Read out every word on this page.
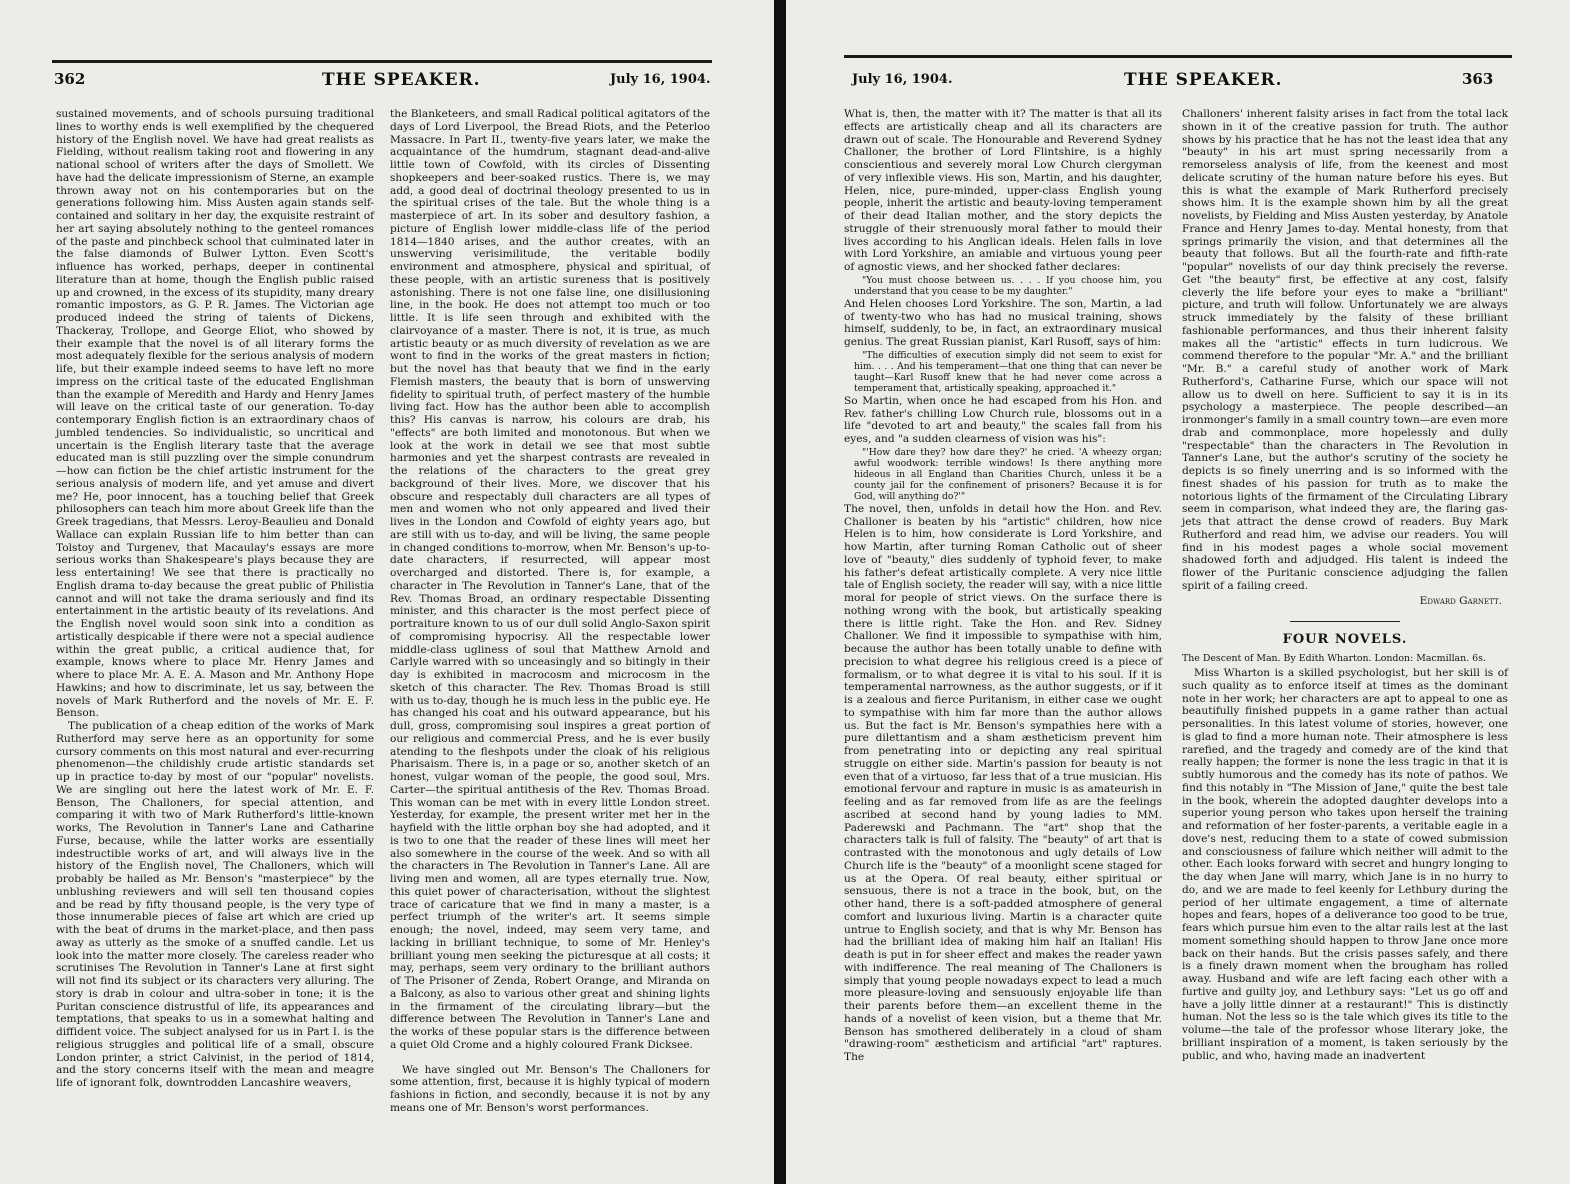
362	THE SPEAKER.	July 16, 1904.

sustained movements, and of schools pursuing traditional lines to worthy ends is well exemplified by the chequered history of the English novel. We have had great realists as Fielding, without realism taking root and flowering in any national school of writers after the days of Smollett. We have had the delicate impressionism of Sterne, an example thrown away not on his contemporaries but on the generations following him. Miss Austen again stands self-contained and solitary in her day, the exquisite restraint of her art saying absolutely nothing to the genteel romances of the paste and pinchbeck school that culminated later in the false diamonds of Bulwer Lytton. Even Scott's influence has worked, perhaps, deeper in continental literature than at home, though the English public raised up and crowned, in the excess of its stupidity, many dreary romantic impostors, as G. P. R. James. The Victorian age produced indeed the string of talents of Dickens, Thackeray, Trollope, and George Eliot, who showed by their example that the novel is of all literary forms the most adequately flexible for the serious analysis of modern life, but their example indeed seems to have left no more impress on the critical taste of the educated Englishman than the example of Meredith and Hardy and Henry James will leave on the critical taste of our generation. To-day contemporary English fiction is an extraordinary chaos of jumbled tendencies. So individualistic, so uncritical and uncertain is the English literary taste that the average educated man is still puzzling over the simple conundrum—how can fiction be the chief artistic instrument for the serious analysis of modern life, and yet amuse and divert me? He, poor innocent, has a touching belief that Greek philosophers can teach him more about Greek life than the Greek tragedians, that Messrs. Leroy-Beaulieu and Donald Wallace can explain Russian life to him better than can Tolstoy and Turgenev, that Macaulay's essays are more serious works than Shakespeare's plays because they are less entertaining! We see that there is practically no English drama to-day because the great public of Philistia cannot and will not take the drama seriously and find its entertainment in the artistic beauty of its revelations. And the English novel would soon sink into a condition as artistically despicable if there were not a special audience within the great public, a critical audience that, for example, knows where to place Mr. Henry James and where to place Mr. A. E. A. Mason and Mr. Anthony Hope Hawkins; and how to discriminate, let us say, between the novels of Mark Rutherford and the novels of Mr. E. F. Benson.

The publication of a cheap edition of the works of Mark Rutherford may serve here as an opportunity for some cursory comments on this most natural and ever-recurring phenomenon—the childishly crude artistic standards set up in practice to-day by most of our "popular" novelists. We are singling out here the latest work of Mr. E. F. Benson, The Challoners, for special attention, and comparing it with two of Mark Rutherford's little-known works, The Revolution in Tanner's Lane and Catharine Furse, because, while the latter works are essentially indestructible works of art, and will always live in the history of the English novel, The Challoners, which will probably be hailed as Mr. Benson's "masterpiece" by the unblushing reviewers and will sell ten thousand copies and be read by fifty thousand people, is the very type of those innumerable pieces of false art which are cried up with the beat of drums in the market-place, and then pass away as utterly as the smoke of a snuffed candle. Let us look into the matter more closely. The careless reader who scrutinises The Revolution in Tanner's Lane at first sight will not find its subject or its characters very alluring. The story is drab in colour and ultra-sober in tone; it is the Puritan conscience distrustful of life, its appearances and temptations, that speaks to us in a somewhat halting and diffident voice. The subject analysed for us in Part I. is the religious struggles and political life of a small, obscure London printer, a strict Calvinist, in the period of 1814, and the story concerns itself with the mean and meagre life of ignorant folk, downtrodden Lancashire weavers,

the Blanketeers, and small Radical political agitators of the days of Lord Liverpool, the Bread Riots, and the Peterloo Massacre. In Part II., twenty-five years later, we make the acquaintance of the humdrum, stagnant dead-and-alive little town of Cowfold, with its circles of Dissenting shopkeepers and beer-soaked rustics. There is, we may add, a good deal of doctrinal theology presented to us in the spiritual crises of the tale. But the whole thing is a masterpiece of art. In its sober and desultory fashion, a picture of English lower middle-class life of the period 1814—1840 arises, and the author creates, with an unswerving verisimilitude, the veritable bodily environment and atmosphere, physical and spiritual, of these people, with an artistic sureness that is positively astonishing. There is not one false line, one disillusioning line, in the book. He does not attempt too much or too little. It is life seen through and exhibited with the clairvoyance of a master. There is not, it is true, as much artistic beauty or as much diversity of revelation as we are wont to find in the works of the great masters in fiction; but the novel has that beauty that we find in the early Flemish masters, the beauty that is born of unswerving fidelity to spiritual truth, of perfect mastery of the humble living fact. How has the author been able to accomplish this? His canvas is narrow, his colours are drab, his "effects" are both limited and monotonous. But when we look at the work in detail we see that most subtle harmonies and yet the sharpest contrasts are revealed in the relations of the characters to the great grey background of their lives. More, we discover that his obscure and respectably dull characters are all types of men and women who not only appeared and lived their lives in the London and Cowfold of eighty years ago, but are still with us to-day, and will be living, the same people in changed conditions to-morrow, when Mr. Benson's up-to-date characters, if resurrected, will appear most overcharged and distorted. There is, for example, a character in The Revolution in Tanner's Lane, that of the Rev. Thomas Broad, an ordinary respectable Dissenting minister, and this character is the most perfect piece of portraiture known to us of our dull solid Anglo-Saxon spirit of compromising hypocrisy. All the respectable lower middle-class ugliness of soul that Matthew Arnold and Carlyle warred with so unceasingly and so bitingly in their day is exhibited in macrocosm and microcosm in the sketch of this character. The Rev. Thomas Broad is still with us to-day, though he is much less in the public eye. He has changed his coat and his outward appearance, but his dull, gross, compromising soul inspires a great portion of our religious and commercial Press, and he is ever busily atending to the fleshpots under the cloak of his religious Pharisaism. There is, in a page or so, another sketch of an honest, vulgar woman of the people, the good soul, Mrs. Carter—the spiritual antithesis of the Rev. Thomas Broad. This woman can be met with in every little London street. Yesterday, for example, the present writer met her in the hayfield with the little orphan boy she had adopted, and it is two to one that the reader of these lines will meet her also somewhere in the course of the week. And so with all the characters in The Revolution in Tanner's Lane. All are living men and women, all are types eternally true. Now, this quiet power of characterisation, without the slightest trace of caricature that we find in many a master, is a perfect triumph of the writer's art. It seems simple enough; the novel, indeed, may seem very tame, and lacking in brilliant technique, to some of Mr. Henley's brilliant young men seeking the picturesque at all costs; it may, perhaps, seem very ordinary to the brilliant authors of The Prisoner of Zenda, Robert Orange, and Miranda on a Balcony, as also to various other great and shining lights in the firmament of the circulating library—but the difference between The Revolution in Tanner's Lane and the works of these popular stars is the difference between a quiet Old Crome and a highly coloured Frank Dicksee.

We have singled out Mr. Benson's The Challoners for some attention, first, because it is highly typical of modern fashions in fiction, and secondly, because it is not by any means one of Mr. Benson's worst performances.

July 16, 1904.	THE SPEAKER.	363

What is, then, the matter with it? The matter is that all its effects are artistically cheap and all its characters are drawn out of scale. The Honourable and Reverend Sydney Challoner, the brother of Lord Flintshire, is a highly conscientious and severely moral Low Church clergyman of very inflexible views. His son, Martin, and his daughter, Helen, nice, pure-minded, upper-class English young people, inherit the artistic and beauty-loving temperament of their dead Italian mother, and the story depicts the struggle of their strenuously moral father to mould their lives according to his Anglican ideals. Helen falls in love with Lord Yorkshire, an amiable and virtuous young peer of agnostic views, and her shocked father declares:

"You must choose between us. . . . If you choose him, you understand that you cease to be my daughter."

And Helen chooses Lord Yorkshire. The son, Martin, a lad of twenty-two who has had no musical training, shows himself, suddenly, to be, in fact, an extraordinary musical genius. The great Russian pianist, Karl Rusoff, says of him:

"The difficulties of execution simply did not seem to exist for him. . . . And his temperament—that one thing that can never be taught—Karl Rusoff knew that he had never come across a temperament that, artistically speaking, approached it."

So Martin, when once he had escaped from his Hon. and Rev. father's chilling Low Church rule, blossoms out in a life "devoted to art and beauty," the scales fall from his eyes, and "a sudden clearness of vision was his":

"'How dare they? how dare they?' he cried. 'A wheezy organ; awful woodwork: terrible windows! Is there anything more hideous in all England than Charities Church, unless it be a county jail for the confinement of prisoners? Because it is for God, will anything do?'"

The novel, then, unfolds in detail how the Hon. and Rev. Challoner is beaten by his "artistic" children, how nice Helen is to him, how considerate is Lord Yorkshire, and how Martin, after turning Roman Catholic out of sheer love of "beauty," dies suddenly of typhoid fever, to make his father's defeat artistically complete. A very nice little tale of English society, the reader will say, with a nice little moral for people of strict views. On the surface there is nothing wrong with the book, but artistically speaking there is little right. Take the Hon. and Rev. Sidney Challoner. We find it impossible to sympathise with him, because the author has been totally unable to define with precision to what degree his religious creed is a piece of formalism, or to what degree it is vital to his soul. If it is temperamental narrowness, as the author suggests, or if it is a zealous and fierce Puritanism, in either case we ought to sympathise with him far more than the author allows us. But the fact is Mr. Benson's sympathies here with a pure dilettantism and a sham æstheticism prevent him from penetrating into or depicting any real spiritual struggle on either side. Martin's passion for beauty is not even that of a virtuoso, far less that of a true musician. His emotional fervour and rapture in music is as amateurish in feeling and as far removed from life as are the feelings ascribed at second hand by young ladies to MM. Paderewski and Pachmann. The "art" shop that the characters talk is full of falsity. The "beauty" of art that is contrasted with the monotonous and ugly details of Low Church life is the "beauty" of a moonlight scene staged for us at the Opera. Of real beauty, either spiritual or sensuous, there is not a trace in the book, but, on the other hand, there is a soft-padded atmosphere of general comfort and luxurious living. Martin is a character quite untrue to English society, and that is why Mr. Benson has had the brilliant idea of making him half an Italian! His death is put in for sheer effect and makes the reader yawn with indifference. The real meaning of The Challoners is simply that young people nowadays expect to lead a much more pleasure-loving and sensuously enjoyable life than their parents before them—an excellent theme in the hands of a novelist of keen vision, but a theme that Mr. Benson has smothered deliberately in a cloud of sham "drawing-room" æstheticism and artificial "art" raptures. The

Challoners' inherent falsity arises in fact from the total lack shown in it of the creative passion for truth. The author shows by his practice that he has not the least idea that any "beauty" in his art must spring necessarily from a remorseless analysis of life, from the keenest and most delicate scrutiny of the human nature before his eyes. But this is what the example of Mark Rutherford precisely shows him. It is the example shown him by all the great novelists, by Fielding and Miss Austen yesterday, by Anatole France and Henry James to-day. Mental honesty, from that springs primarily the vision, and that determines all the beauty that follows. But all the fourth-rate and fifth-rate "popular" novelists of our day think precisely the reverse. Get "the beauty" first, be effective at any cost, falsify cleverly the life before your eyes to make a "brilliant" picture, and truth will follow. Unfortunately we are always struck immediately by the falsity of these brilliant fashionable performances, and thus their inherent falsity makes all the "artistic" effects in turn ludicrous. We commend therefore to the popular "Mr. A." and the brilliant "Mr. B." a careful study of another work of Mark Rutherford's, Catharine Furse, which our space will not allow us to dwell on here. Sufficient to say it is in its psychology a masterpiece. The people described—an ironmonger's family in a small country town—are even more drab and commonplace, more hopelessly and dully "respectable" than the characters in The Revolution in Tanner's Lane, but the author's scrutiny of the society he depicts is so finely unerring and is so informed with the finest shades of his passion for truth as to make the notorious lights of the firmament of the Circulating Library seem in comparison, what indeed they are, the flaring gas-jets that attract the dense crowd of readers. Buy Mark Rutherford and read him, we advise our readers. You will find in his modest pages a whole social movement shadowed forth and adjudged. His talent is indeed the flower of the Puritanic conscience adjudging the fallen spirit of a failing creed.

Edward Garnett.
FOUR NOVELS.

The Descent of Man. By Edith Wharton. London: Macmillan. 6s.

Miss Wharton is a skilled psychologist, but her skill is of such quality as to enforce itself at times as the dominant note in her work; her characters are apt to appeal to one as beautifully finished puppets in a game rather than actual personalities. In this latest volume of stories, however, one is glad to find a more human note. Their atmosphere is less rarefied, and the tragedy and comedy are of the kind that really happen; the former is none the less tragic in that it is subtly humorous and the comedy has its note of pathos. We find this notably in "The Mission of Jane," quite the best tale in the book, wherein the adopted daughter develops into a superior young person who takes upon herself the training and reformation of her foster-parents, a veritable eagle in a dove's nest, reducing them to a state of cowed submission and consciousness of failure which neither will admit to the other. Each looks forward with secret and hungry longing to the day when Jane will marry, which Jane is in no hurry to do, and we are made to feel keenly for Lethbury during the period of her ultimate engagement, a time of alternate hopes and fears, hopes of a deliverance too good to be true, fears which pursue him even to the altar rails lest at the last moment something should happen to throw Jane once more back on their hands. But the crisis passes safely, and there is a finely drawn moment when the brougham has rolled away. Husband and wife are left facing each other with a furtive and guilty joy, and Lethbury says: "Let us go off and have a jolly little dinner at a restaurant!" This is distinctly human. Not the less so is the tale which gives its title to the volume—the tale of the professor whose literary joke, the brilliant inspiration of a moment, is taken seriously by the public, and who, having made an inadvertent
